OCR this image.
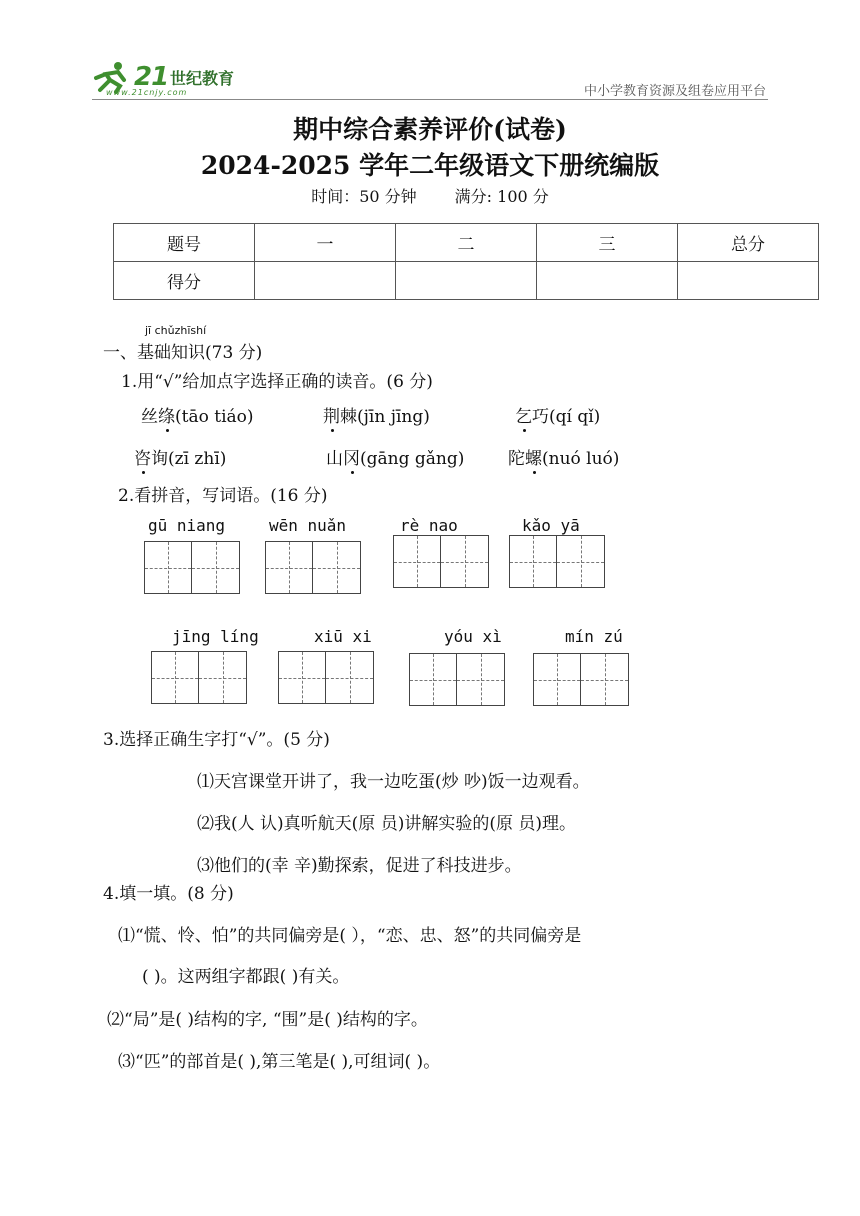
21 世纪教育
www.21cnjy.com	中小学教育资源及组卷应用平台
期中综合素养评价(试卷)
2024-2025 学年二年级语文下册统编版
时间：50 分钟 满分: 100 分
题号	一	二	三	总分
得分				
jī chǔzhīshí
一、基础知识(73 分)
1.用“√”给加点字选择正确的读音。(6 分)
丝绦(tāo tiáo)	荆棘(jīn jīng)	乞巧(qí qǐ)
咨询(zī zhī)	山冈(gāng gǎng)	陀螺(nuó luó)
2.看拼音，写词语。(16 分)
gū niang	wēn nuǎn	rè nao	kǎo yā
jīng líng	xiū xi	yóu xì	mín zú
3.选择正确生字打“√”。(5 分)
⑴天宫课堂开讲了，我一边吃蛋(炒 吵)饭一边观看。
⑵我(人 认)真听航天(原 员)讲解实验的(原 员)理。
⑶他们的(幸 辛)勤探索，促进了科技进步。
4.填一填。(8 分)
⑴“慌、怜、怕”的共同偏旁是( ），“恋、忠、怒”的共同偏旁是
( )。这两组字都跟( )有关。
⑵“局”是( )结构的字, “围”是( )结构的字。
⑶“匹”的部首是( ),第三笔是( ),可组词( )。
